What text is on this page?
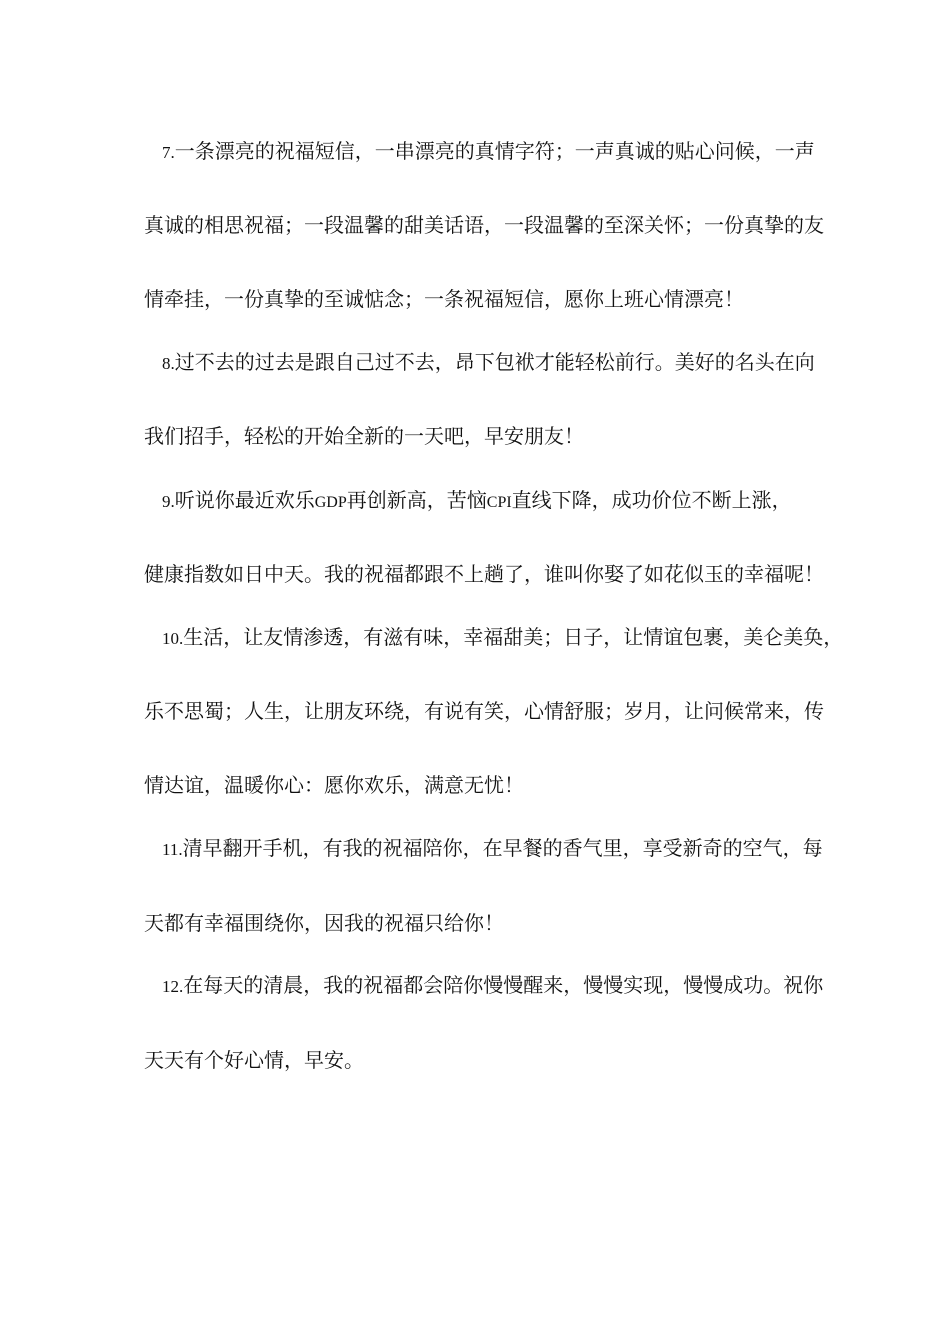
7.一条漂亮的祝福短信，一串漂亮的真情字符；一声真诚的贴心问候，一声
真诚的相思祝福；一段温馨的甜美话语，一段温馨的至深关怀；一份真挚的友
情牵挂，一份真挚的至诚惦念；一条祝福短信，愿你上班心情漂亮！
8.过不去的过去是跟自己过不去，昂下包袱才能轻松前行。美好的名头在向
我们招手，轻松的开始全新的一天吧，早安朋友！
9.听说你最近欢乐GDP再创新高，苦恼CPI直线下降，成功价位不断上涨，
健康指数如日中天。我的祝福都跟不上趟了，谁叫你娶了如花似玉的幸福呢！
10.生活，让友情渗透，有滋有味，幸福甜美；日子，让情谊包裹，美仑美奂，
乐不思蜀；人生，让朋友环绕，有说有笑，心情舒服；岁月，让问候常来，传
情达谊，温暖你心：愿你欢乐，满意无忧！
11.清早翻开手机，有我的祝福陪你，在早餐的香气里，享受新奇的空气，每
天都有幸福围绕你，因我的祝福只给你！
12.在每天的清晨，我的祝福都会陪你慢慢醒来，慢慢实现，慢慢成功。祝你
天天有个好心情，早安。
